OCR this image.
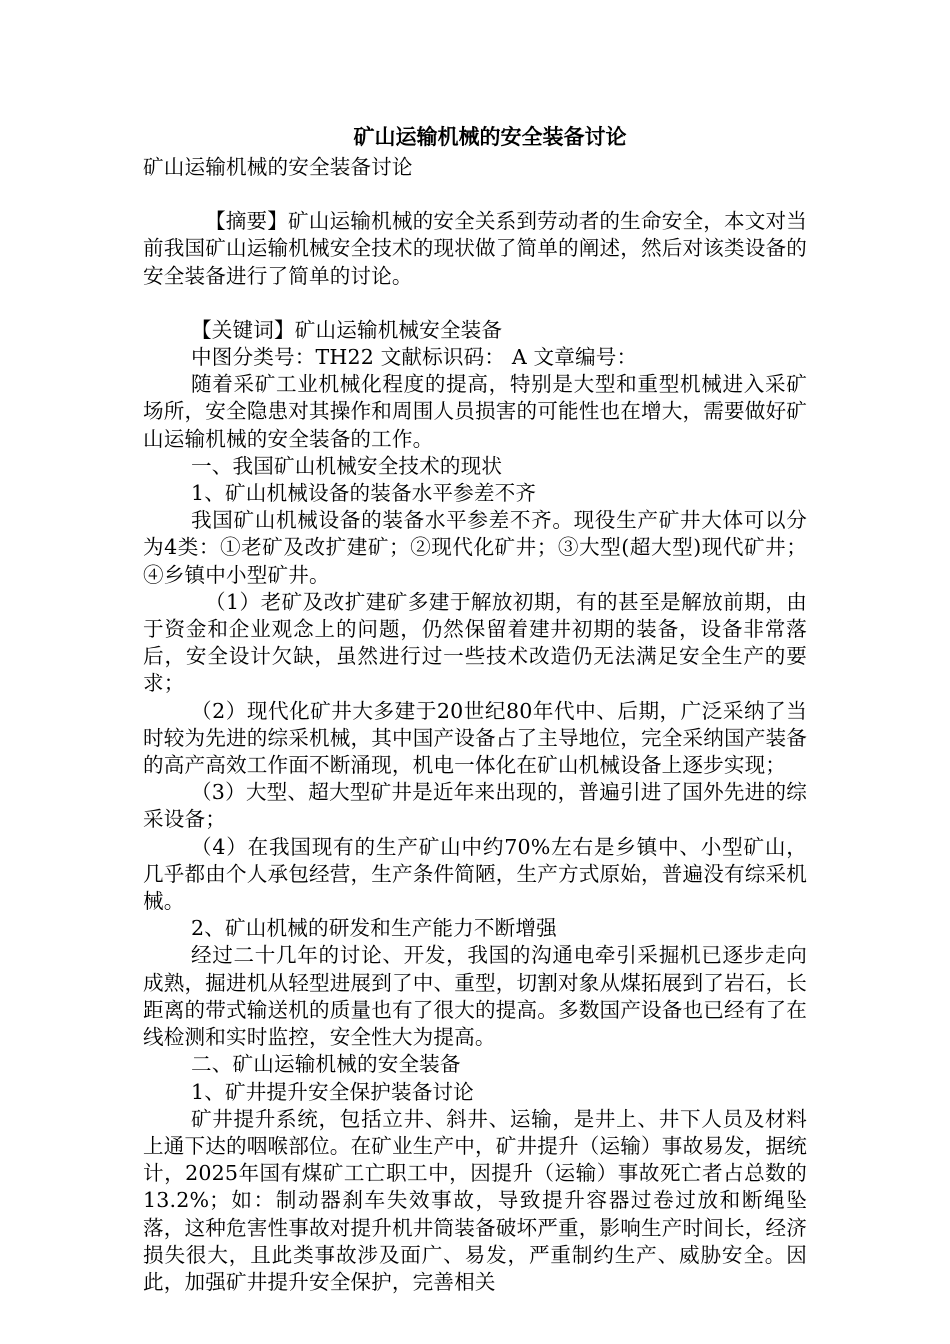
矿山运输机械的安全装备讨论

矿山运输机械的安全装备讨论

【摘要】矿山运输机械的安全关系到劳动者的生命安全，本文对当前我国矿山运输机械安全技术的现状做了简单的阐述，然后对该类设备的安全装备进行了简单的讨论。

【关键词】矿山运输机械安全装备

中图分类号：TH22 文献标识码： A 文章编号：

随着采矿工业机械化程度的提高，特别是大型和重型机械进入采矿场所，安全隐患对其操作和周围人员损害的可能性也在增大，需要做好矿山运输机械的安全装备的工作。

一、我国矿山机械安全技术的现状

1、矿山机械设备的装备水平参差不齐

我国矿山机械设备的装备水平参差不齐。现役生产矿井大体可以分为4类：①老矿及改扩建矿；②现代化矿井；③大型(超大型)现代矿井；④乡镇中小型矿井。

（1）老矿及改扩建矿多建于解放初期，有的甚至是解放前期，由于资金和企业观念上的问题，仍然保留着建井初期的装备，设备非常落后，安全设计欠缺，虽然进行过一些技术改造仍无法满足安全生产的要求；

（2）现代化矿井大多建于20世纪80年代中、后期，广泛采纳了当时较为先进的综采机械，其中国产设备占了主导地位，完全采纳国产装备的高产高效工作面不断涌现，机电一体化在矿山机械设备上逐步实现；

（3）大型、超大型矿井是近年来出现的，普遍引进了国外先进的综采设备；

（4）在我国现有的生产矿山中约70%左右是乡镇中、小型矿山，几乎都由个人承包经营，生产条件简陋，生产方式原始，普遍没有综采机械。

2、矿山机械的研发和生产能力不断增强

经过二十几年的讨论、开发，我国的沟通电牵引采掘机已逐步走向成熟，掘进机从轻型进展到了中、重型，切割对象从煤拓展到了岩石，长距离的带式输送机的质量也有了很大的提高。多数国产设备也已经有了在线检测和实时监控，安全性大为提高。

二、矿山运输机械的安全装备

1、矿井提升安全保护装备讨论

矿井提升系统，包括立井、斜井、运输，是井上、井下人员及材料上通下达的咽喉部位。在矿业生产中，矿井提升（运输）事故易发，据统计，2025年国有煤矿工亡职工中，因提升（运输）事故死亡者占总数的13.2%；如：制动器刹车失效事故，导致提升容器过卷过放和断绳坠落，这种危害性事故对提升机井筒装备破坏严重，影响生产时间长，经济损失很大，且此类事故涉及面广、易发，严重制约生产、威胁安全。因此，加强矿井提升安全保护，完善相关
